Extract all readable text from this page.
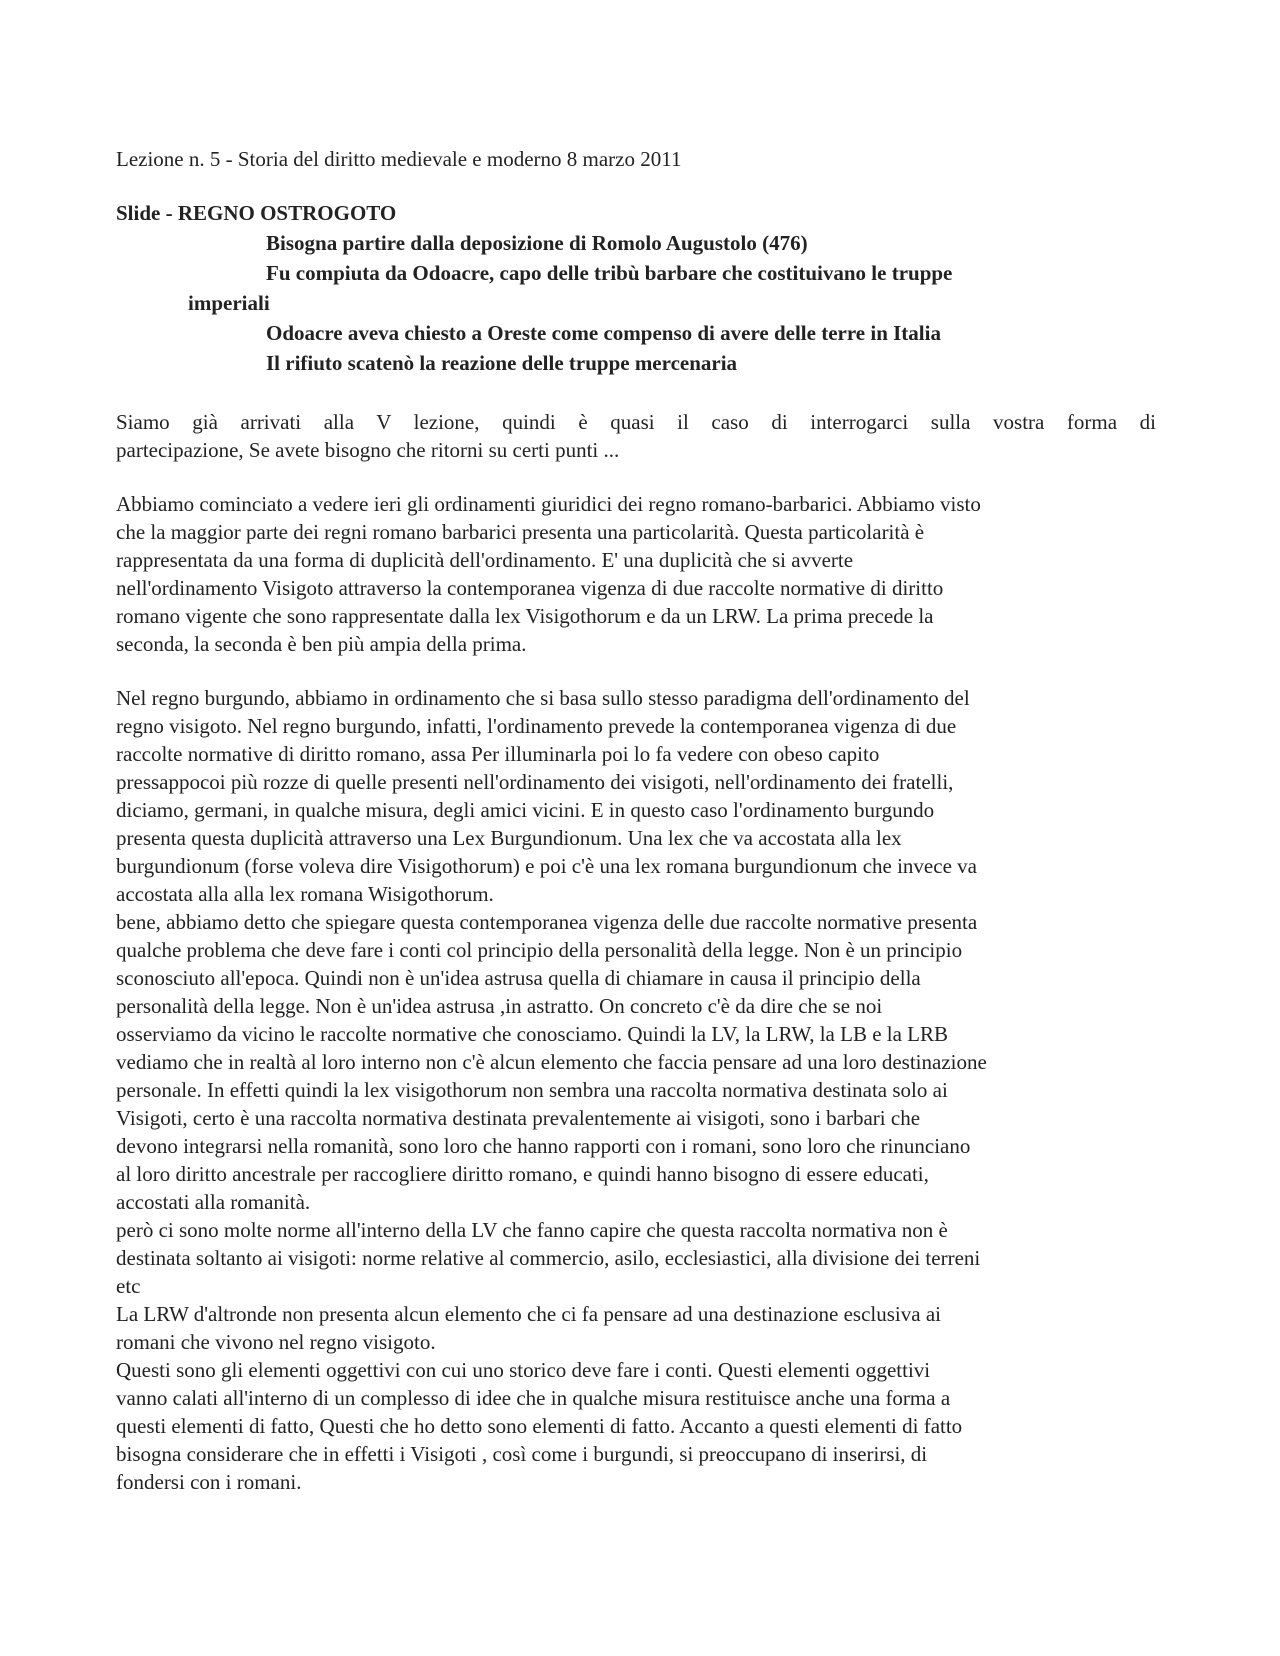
Lezione n. 5 - Storia del diritto medievale e moderno 8 marzo 2011

Slide - REGNO OSTROGOTO

Bisogna partire dalla deposizione di Romolo Augustolo (476)

Fu compiuta da Odoacre, capo delle tribù barbare che costituivano le truppe

imperiali

Odoacre aveva chiesto a Oreste come compenso di avere delle terre in Italia

Il rifiuto scatenò la reazione delle truppe mercenaria

Siamo già arrivati alla V lezione, quindi è quasi il caso di interrogarci sulla vostra forma di
partecipazione, Se avete bisogno che ritorni su certi punti ...
Abbiamo cominciato a vedere ieri gli ordinamenti giuridici dei regno romano-barbarici. Abbiamo visto
che la maggior parte dei regni romano barbarici presenta una particolarità. Questa particolarità è
rappresentata da una forma di duplicità dell'ordinamento. E' una duplicità che si avverte
nell'ordinamento Visigoto attraverso la contemporanea vigenza di due raccolte normative di diritto
romano vigente che sono rappresentate dalla lex Visigothorum e da un LRW. La prima precede la
seconda, la seconda è ben più ampia della prima.
Nel regno burgundo, abbiamo in ordinamento che si basa sullo stesso paradigma dell'ordinamento del
regno visigoto. Nel regno burgundo, infatti, l'ordinamento prevede la contemporanea vigenza di due
raccolte normative di diritto romano, assa Per illuminarla poi lo fa vedere con obeso capito
pressappocoi più rozze di quelle presenti nell'ordinamento dei visigoti, nell'ordinamento dei fratelli,
diciamo, germani, in qualche misura, degli amici vicini. E in questo caso l'ordinamento burgundo
presenta questa duplicità attraverso una Lex Burgundionum. Una lex che va accostata alla lex
burgundionum (forse voleva dire Visigothorum) e poi c'è una lex romana burgundionum che invece va
accostata alla alla lex romana Wisigothorum.
bene, abbiamo detto che spiegare questa contemporanea vigenza delle due raccolte normative presenta
qualche problema che deve fare i conti col principio della personalità della legge. Non è un principio
sconosciuto all'epoca. Quindi non è un'idea astrusa quella di chiamare in causa il principio della
personalità della legge. Non è un'idea astrusa ,in astratto. On concreto c'è da dire che se noi
osserviamo da vicino le raccolte normative che conosciamo. Quindi la LV, la LRW, la LB e la LRB
vediamo che in realtà al loro interno non c'è alcun elemento che faccia pensare ad una loro destinazione
personale. In effetti quindi la lex visigothorum non sembra una raccolta normativa destinata solo ai
Visigoti, certo è una raccolta normativa destinata prevalentemente ai visigoti, sono i barbari che
devono integrarsi nella romanità, sono loro che hanno rapporti con i romani, sono loro che rinunciano
al loro diritto ancestrale per raccogliere diritto romano, e quindi hanno bisogno di essere educati,
accostati alla romanità.
però ci sono molte norme all'interno della LV che fanno capire che questa raccolta normativa non è
destinata soltanto ai visigoti: norme relative al commercio, asilo, ecclesiastici, alla divisione dei terreni
etc
La LRW d'altronde non presenta alcun elemento che ci fa pensare ad una destinazione esclusiva ai
romani che vivono nel regno visigoto.
Questi sono gli elementi oggettivi con cui uno storico deve fare i conti. Questi elementi oggettivi
vanno calati all'interno di un complesso di idee che in qualche misura restituisce anche una forma a
questi elementi di fatto, Questi che ho detto sono elementi di fatto. Accanto a questi elementi di fatto
bisogna considerare che in effetti i Visigoti , così come i burgundi, si preoccupano di inserirsi, di
fondersi con i romani.
